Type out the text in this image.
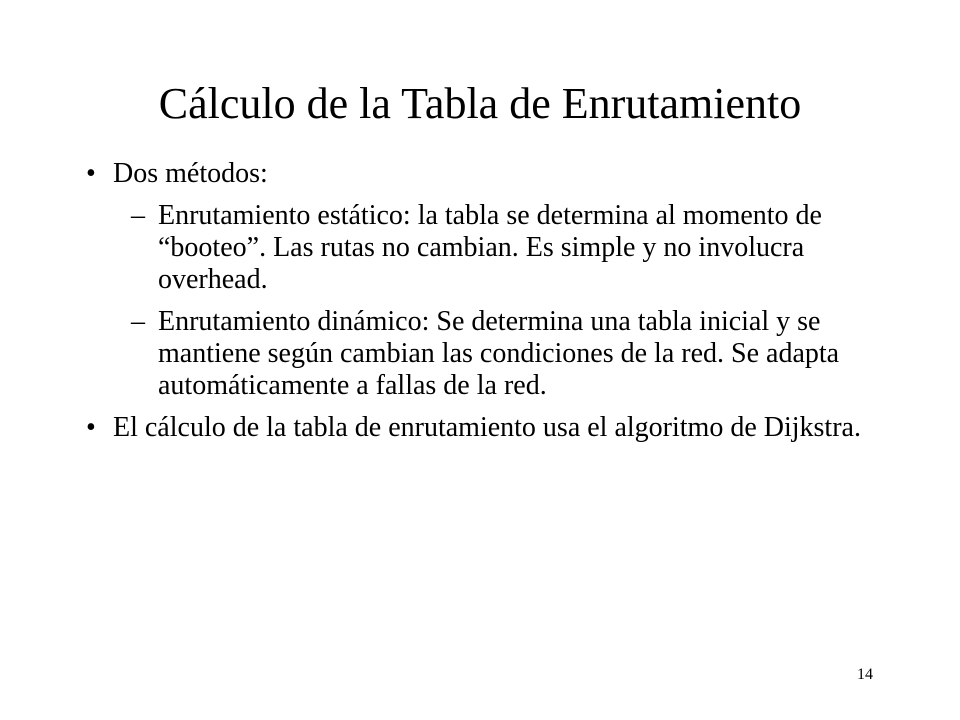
Cálculo de la Tabla de Enrutamiento
• Dos métodos:
– Enrutamiento estático: la tabla se determina al momento de “booteo”. Las rutas no cambian. Es simple y no involucra overhead.
– Enrutamiento dinámico: Se determina una tabla inicial y se mantiene según cambian las condiciones de la red. Se adapta automáticamente a fallas de la red.
• El cálculo de la tabla de enrutamiento usa el algoritmo de Dijkstra.
14
